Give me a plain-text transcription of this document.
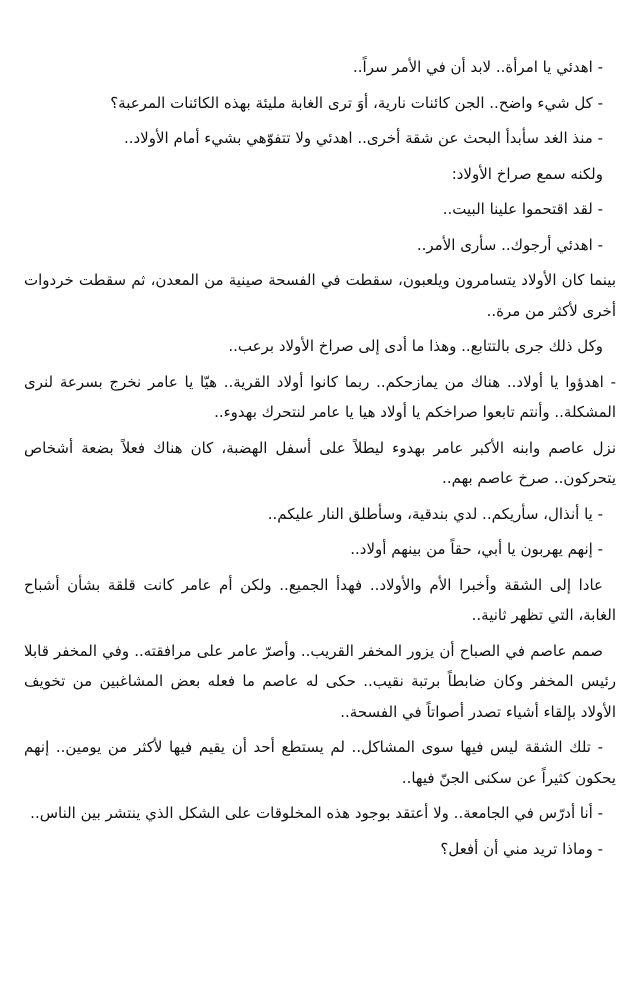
- اهدئي يا امرأة.. لابد أن في الأمر سراً..

- كل شيء واضح.. الجن كائنات نارية، أوَ ترى الغابة مليئة بهذه الكائنات المرعبة؟

- منذ الغد سأبدأ البحث عن شقة أخرى.. اهدئي ولا تتفوّهي بشيء أمام الأولاد..

ولكنه سمع صراخ الأولاد:

- لقد اقتحموا علينا البيت..

- اهدئي أرجوك.. سأرى الأمر..

بينما كان الأولاد يتسامرون ويلعبون، سقطت في الفسحة صينية من المعدن، ثم سقطت خردوات أخرى لأكثر من مرة..

وكل ذلك جرى بالتتابع.. وهذا ما أدى إلى صراخ الأولاد برعب..

- اهدؤوا يا أولاد.. هناك من يمازحكم.. ربما كانوا أولاد القرية.. هيّا يا عامر نخرج بسرعة لنرى المشكلة.. وأنتم تابعوا صراخكم يا أولاد هيا يا عامر لنتحرك بهدوء..

نزل عاصم وابنه الأكبر عامر بهدوء ليطلاً على أسفل الهضبة، كان هناك فعلاً بضعة أشخاص يتحركون.. صرخ عاصم بهم..

- يا أنذال، سأريكم.. لدي بندقية، وسأطلق النار عليكم..

- إنهم يهربون يا أبي، حقاً من بينهم أولاد..

عادا إلى الشقة وأخبرا الأم والأولاد.. فهدأ الجميع.. ولكن أم عامر كانت قلقة بشأن أشباح الغابة، التي تظهر ثانية..

صمم عاصم في الصباح أن يزور المخفر القريب.. وأصرّ عامر على مرافقته.. وفي المخفر قابلا رئيس المخفر وكان ضابطاً برتبة نقيب.. حكى له عاصم ما فعله بعض المشاغبين من تخويف الأولاد بإلقاء أشياء تصدر أصواتاً في الفسحة..

- تلك الشقة ليس فيها سوى المشاكل.. لم يستطع أحد أن يقيم فيها لأكثر من يومين.. إنهم يحكون كثيراً عن سكنى الجنّ فيها..

- أنا أدرّس في الجامعة.. ولا أعتقد بوجود هذه المخلوقات على الشكل الذي ينتشر بين الناس..

- وماذا تريد مني أن أفعل؟
